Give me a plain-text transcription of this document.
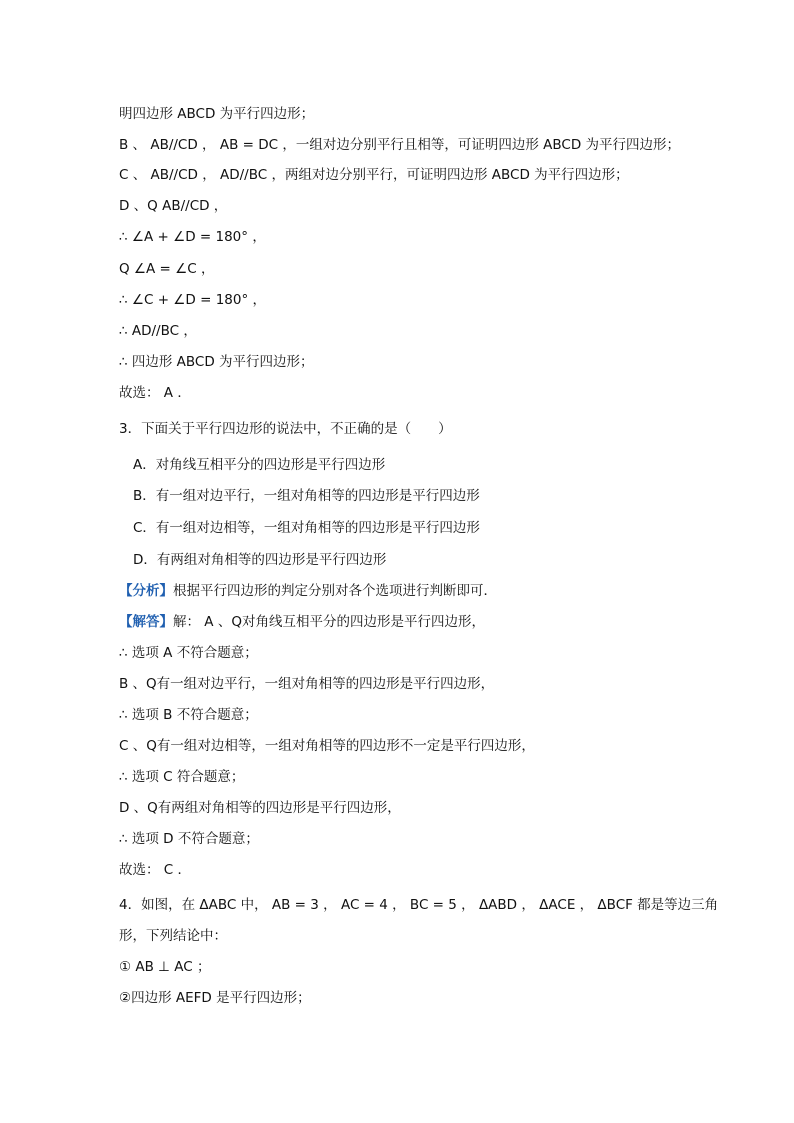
明四边形 ABCD 为平行四边形；
B 、 AB//CD ， AB = DC ，一组对边分别平行且相等，可证明四边形 ABCD 为平行四边形；
C 、 AB//CD ， AD//BC ，两组对边分别平行，可证明四边形 ABCD 为平行四边形；
D 、Q AB//CD ，
∴ ∠A + ∠D = 180° ，
Q ∠A = ∠C ，
∴ ∠C + ∠D = 180° ，
∴ AD//BC ，
∴ 四边形 ABCD 为平行四边形；
故选： A ．
3．下面关于平行四边形的说法中，不正确的是（　　）
A．对角线互相平分的四边形是平行四边形
B．有一组对边平行，一组对角相等的四边形是平行四边形
C．有一组对边相等，一组对角相等的四边形是平行四边形
D．有两组对角相等的四边形是平行四边形
【分析】根据平行四边形的判定分别对各个选项进行判断即可．
【解答】解： A 、Q对角线互相平分的四边形是平行四边形，
∴ 选项 A 不符合题意；
B 、Q有一组对边平行，一组对角相等的四边形是平行四边形，
∴ 选项 B 不符合题意；
C 、Q有一组对边相等，一组对角相等的四边形不一定是平行四边形，
∴ 选项 C 符合题意；
D 、Q有两组对角相等的四边形是平行四边形，
∴ 选项 D 不符合题意；
故选： C ．
4．如图，在 ΔABC 中， AB = 3 ， AC = 4 ， BC = 5 ， ΔABD ， ΔACE ， ΔBCF 都是等边三角
形，下列结论中：
① AB ⊥ AC ；
②四边形 AEFD 是平行四边形；
